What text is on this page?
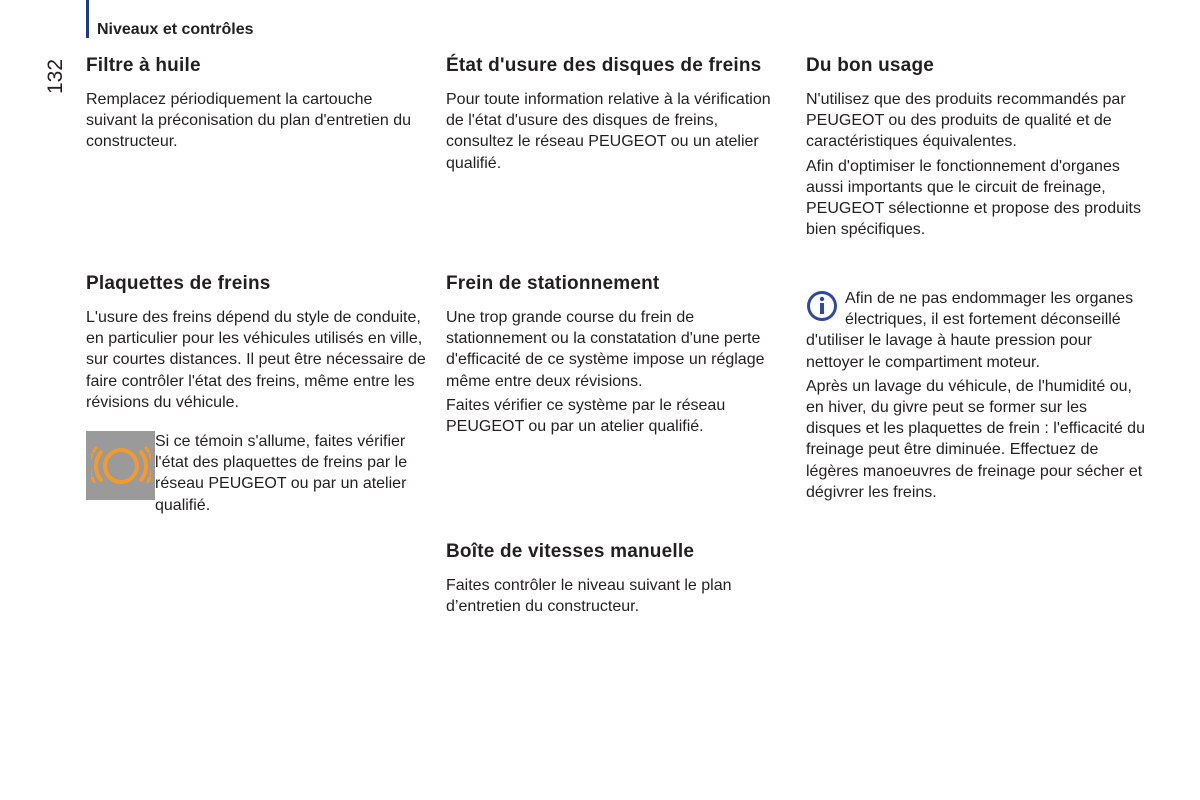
Niveaux et contrôles
132 Filtre à huile

Remplacez périodiquement la cartouche suivant la préconisation du plan d'entretien du constructeur.

Plaquettes de freins

L'usure des freins dépend du style de conduite, en particulier pour les véhicules utilisés en ville, sur courtes distances. Il peut être nécessaire de faire contrôler l'état des freins, même entre les révisions du véhicule.

Si ce témoin s'allume, faites vérifier l'état des plaquettes de freins par le réseau PEUGEOT ou par un atelier qualifié.

État d'usure des disques de freins

Pour toute information relative à la vérification de l'état d'usure des disques de freins, consultez le réseau PEUGEOT ou un atelier qualifié.

Frein de stationnement

Une trop grande course du frein de stationnement ou la constatation d'une perte d'efficacité de ce système impose un réglage même entre deux révisions.

Faites vérifier ce système par le réseau PEUGEOT ou par un atelier qualifié.

Boîte de vitesses manuelle

Faites contrôler le niveau suivant le plan d’entretien du constructeur.

Du bon usage

N'utilisez que des produits recommandés par PEUGEOT ou des produits de qualité et de caractéristiques équivalentes.

Afin d'optimiser le fonctionnement d'organes aussi importants que le circuit de freinage, PEUGEOT sélectionne et propose des produits bien spécifiques.

Afin de ne pas endommager les organes électriques, il est fortement déconseillé d'utiliser le lavage à haute pression pour nettoyer le compartiment moteur.

Après un lavage du véhicule, de l'humidité ou, en hiver, du givre peut se former sur les disques et les plaquettes de frein : l'efficacité du freinage peut être diminuée. Effectuez de légères manoeuvres de freinage pour sécher et dégivrer les freins.
